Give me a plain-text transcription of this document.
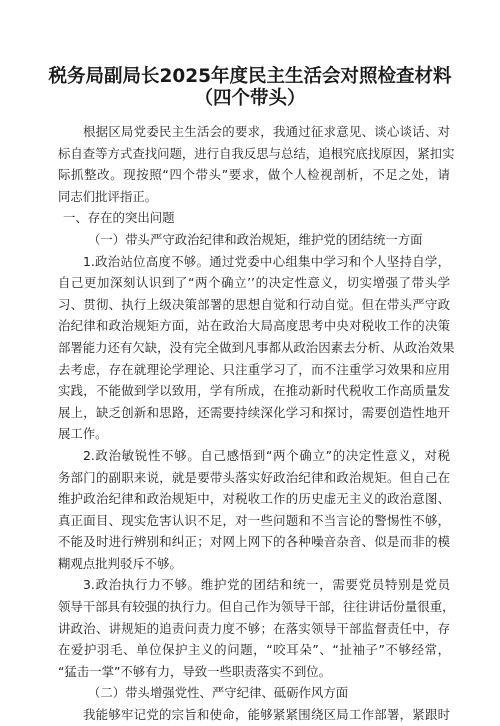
税务局副局长2025年度民主生活会对照检查材料
（四个带头）
根据区局党委民主生活会的要求，我通过征求意见、谈心谈话、对
标自查等方式查找问题，进行自我反思与总结，追根究底找原因，紧扣实
际抓整改。现按照“四个带头”要求，做个人检视剖析，不足之处，请
同志们批评指正。
一、存在的突出问题
（一）带头严守政治纪律和政治规矩，维护党的团结统一方面
1.政治站位高度不够。通过党委中心组集中学习和个人坚持自学，
自己更加深刻认识到了“两个确立’’的决定性意义，切实增强了带头学
习、贯彻、执行上级决策部署的思想自觉和行动自觉。但在带头严守政
治纪律和政治规矩方面，站在政治大局高度思考中央对税收工作的决策
部署能力还有欠缺，没有完全做到凡事都从政治因素去分析、从政治效果
去考虑，存在就理论学理论、只注重学习了，而不注重学习效果和应用
实践，不能做到学以致用，学有所成，在推动新时代税收工作高质量发
展上，缺乏创新和思路，还需要持续深化学习和探讨，需要创造性地开
展工作。
2.政治敏锐性不够。自己感悟到“两个确立”的决定性意义，对税
务部门的副职来说，就是要带头落实好政治纪律和政治规矩。但自己在
维护政治纪律和政治规矩中，对税收工作的历史虚无主义的政治意图、
真正面目、现实危害认识不足，对一些问题和不当言论的警惕性不够，
不能及时进行辨别和纠正；对网上网下的各种噪音杂音、似是而非的模
糊观点批判驳斥不够。
3.政治执行力不够。维护党的团结和统一，需要党员特别是党员
领导干部具有较强的执行力。但自己作为领导干部，往往讲话份量很重，
讲政治、讲规矩的追责问责力度不够；在落实领导干部监督责任中，存
在爱护羽毛、单位保护主义的问题，“咬耳朵”、“扯袖子”不够经常，
“猛击一掌”不够有力，导致一些职责落实不到位。
（二）带头增强党性、严守纪律、砥砺作风方面
我能够牢记党的宗旨和使命，能够紧紧围绕区局工作部署，紧跟时
